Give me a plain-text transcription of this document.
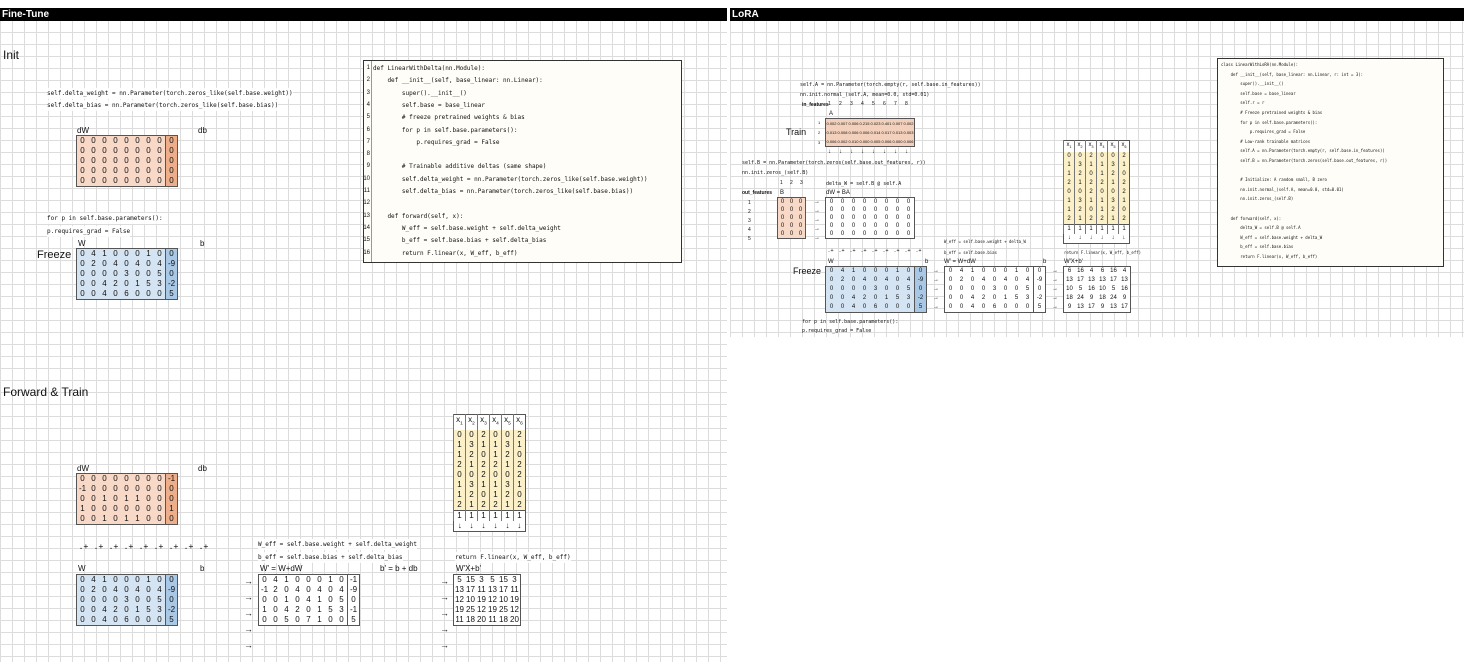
Fine-Tune
Init
self.delta_weight = nn.Parameter(torch.zeros_like(self.base.weight))
self.delta_bias = nn.Parameter(torch.zeros_like(self.base.bias))
dW	db
0	0	0	0	0	0	0	0	0
0	0	0	0	0	0	0	0	0
0	0	0	0	0	0	0	0	0
0	0	0	0	0	0	0	0	0
0	0	0	0	0	0	0	0	0
for p in self.base.parameters():
p.requires_grad = False
W	b
Freeze 0	4	1	0	0	0	1	0	0
0	2	0	4	0	4	0	4	-9
0	0	0	0	3	0	0	5	0
0	0	4	2	0	1	5	3	-2
0	0	4	0	6	0	0	0	5
1 def LinearWithDelta(nn.Module):
2 def __init__(self, base_linear: nn.Linear):
3 super().__init__()
4 self.base = base_linear
5 # freeze pretrained weights & bias
6 for p in self.base.parameters():
7 p.requires_grad = False
8
9 # Trainable additive deltas (same shape)
10 self.delta_weight = nn.Parameter(torch.zeros_like(self.base.weight))
11 self.delta_bias = nn.Parameter(torch.zeros_like(self.base.bias))
12
13 def forward(self, x):
14 W_eff = self.base.weight + self.delta_weight
15 b_eff = self.base.bias + self.delta_bias
16 return F.linear(x, W_eff, b_eff)
Forward & Train
$x_1$	$x_2$	$x_3$	$x_4$	$x_5$	$x_6$
0	0	2	0	0	2
1	3	1	1	3	1
1	2	0	1	2	0
2	1	2	2	1	2
0	0	2	0	0	2
1	3	1	1	3	1
1	2	0	1	2	0
2	1	2	2	1	2
1	1	1	1	1	1
↓	↓	↓	↓	↓	↓
dW	db
0	0	0	0	0	0	0	0	-1
-1	0	0	0	0	0	0	0	0
0	0	1	0	1	1	0	0	0
1	0	0	0	0	0	0	0	1
0	0	1	0	1	1	0	0	0
.+ .+ .+ .+ .+ .+ .+ .+ .+	W_eff = self.base.weight + self.delta_weight
b_eff = self.base.bias + self.delta_bias	return F.linear(x, W_eff, b_eff)
W	b	W' = W+dW	b' = b + db	W'X+b'
0	4	1	0	0	0	1	0	0
0	2	0	4	0	4	0	4	-9
0	0	0	0	3	0	0	5	0
0	0	4	2	0	1	5	3	-2
0	0	4	0	6	0	0	0	5
→
→
→
→
→
0	4	1	0	0	0	1	0	-1
-1	2	0	4	0	4	0	4	-9
0	0	1	0	4	1	0	5	0
1	0	4	2	0	1	5	3	-1
0	0	5	0	7	1	0	0	5
→
→
→
→
→
5	15	3	5	15	3
13	17	11	13	17	11
12	10	19	12	10	19
19	25	12	19	25	12
11	18	20	11	18	20
LoRA
self.A = nn.Parameter(torch.empty(r, self.base.in_features))
nn.init.normal_(self.A, mean=0.0, std=0.01)
in_features 1 2 3 4 5 6 7 8
A
Train
1
2
3
0.002	0.007	0.006	0.215	0.023	0.401	0.007	0.002
0.013	0.008	0.006	0.006	0.014	0.017	0.013	0.003
0.006	0.002	0.010	0.000	0.005	0.006	0.000	0.006
↓ ↓ ↓ ↓ ↓ ↓ ↓ ↓
self.B = nn.Parameter(torch.zeros(self.base.out_features, r))
nn.init.zeros_(self.B)
delta_W = self.B @ self.A
out_features
1 2 3
B	dW = BA
1
2
3
4
5
0	0	0
0	0	0
0	0	0
0	0	0
0	0	0
→
→
→
→
→
0	0	0	0	0	0	0	0
0	0	0	0	0	0	0	0
0	0	0	0	0	0	0	0
0	0	0	0	0	0	0	0
0	0	0	0	0	0	0	0
.+ .+ .+ .+ .+ .+ .+ .+ .+
W_eff = self.base.weight + delta_W
b_eff = self.base.bias	return F.linear(x, W_eff, b_eff)
$x_1$	$x_2$	$x_3$	$x_4$	$x_5$	$x_6$
0	0	2	0	0	2
1	3	1	1	3	1
1	2	0	1	2	0
2	1	2	2	1	2
0	0	2	0	0	2
1	3	1	1	3	1
1	2	0	1	2	0
2	1	2	2	1	2
1	1	1	1	1	1
↓	↓	↓	↓	↓	↓
W	b	W' = W+dW	b	W'X+b'
Freeze 0	4	1	0	0	0	1	0	0
0	2	0	4	0	4	0	4	-9
0	0	0	0	3	0	0	5	0
0	0	4	2	0	1	5	3	-2
0	0	4	0	6	0	0	0	5
→
→
→
→
→
0	4	1	0	0	0	1	0	0
0	2	0	4	0	4	0	4	-9
0	0	0	0	3	0	0	5	0
0	0	4	2	0	1	5	3	-2
0	0	4	0	6	0	0	0	5
→
→
→
→
→
6	16	4	6	16	4
13	17	13	13	17	13
10	5	16	10	5	16
18	24	9	18	24	9
9	13	17	9	13	17
for p in self.base.parameters():
p.requires_grad = False
class LinearWithLoRA(nn.Module):
def __init__(self, base_linear: nn.Linear, r: int = 3):
super().__init__()
self.base = base_linear
self.r = r
# Freeze pretrained weights & bias
for p in self.base.parameters():
p.requires_grad = False
# Low-rank trainable matrices
self.A = nn.Parameter(torch.empty(r, self.base.in_features))
self.B = nn.Parameter(torch.zeros(self.base.out_features, r))
# Initialize: A random small, B zero
nn.init.normal_(self.A, mean=0.0, std=0.01)
nn.init.zeros_(self.B)
def forward(self, x):
delta_W = self.B @ self.A
W_eff = self.base.weight + delta_W
b_eff = self.base.bias
return F.linear(x, W_eff, b_eff)
